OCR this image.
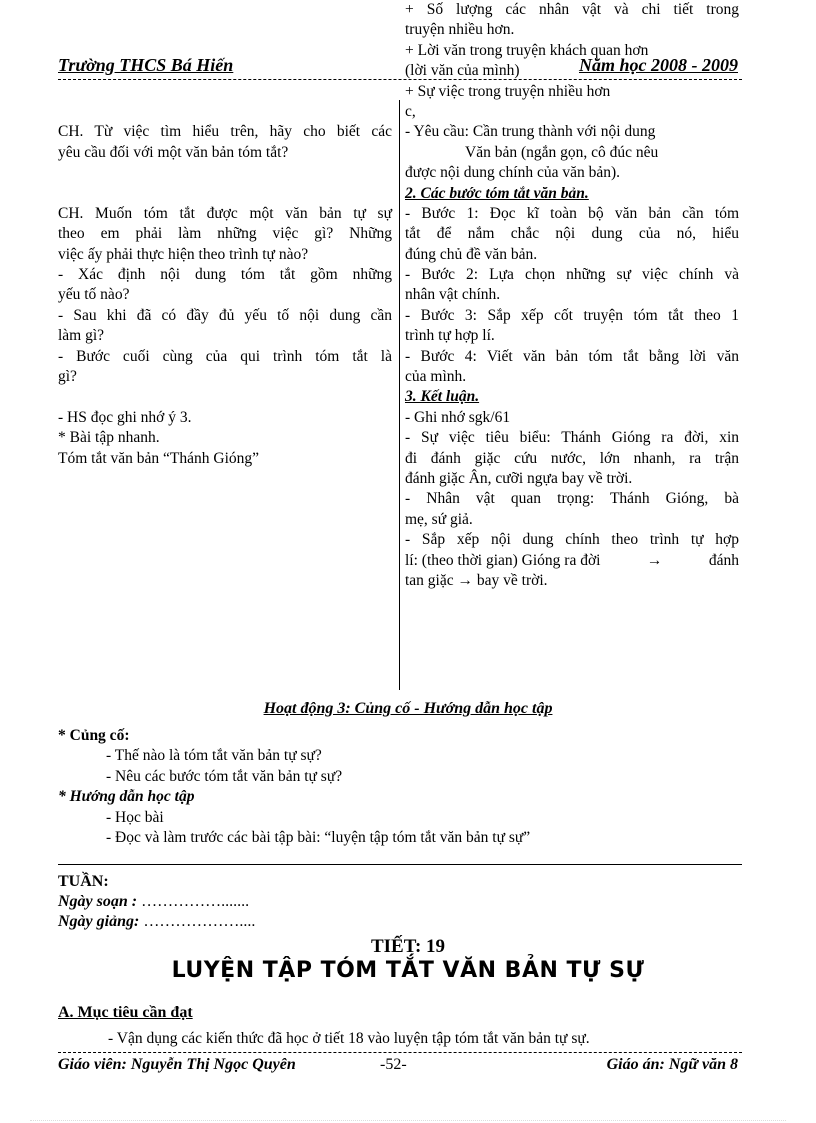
Trường THCS Bá Hiến	Năm học 2008 - 2009
CH. Từ việc tìm hiểu trên, hãy cho biết các
yêu cầu đối với một văn bản tóm tắt?
CH. Muốn tóm tắt được một văn bản tự sự
theo em phải làm những việc gì? Những
việc ấy phải thực hiện theo trình tự nào?
- Xác định nội dung tóm tắt gồm những
yếu tố nào?
- Sau khi đã có đầy đủ yếu tố nội dung cần
làm gì?
- Bước cuối cùng của qui trình tóm tắt là
gì?
- HS đọc ghi nhớ ý 3.
* Bài tập nhanh.
Tóm tắt văn bản “Thánh Gióng”
+ Số lượng các nhân vật và chi tiết trong
truyện nhiều hơn.
+ Lời văn trong truyện khách quan hơn
(lời văn của mình)
+ Sự việc trong truyện nhiều hơn
c,
- Yêu cầu: Cần trung thành với nội dung
Văn bản (ngắn gọn, cô đúc nêu
được nội dung chính của văn bản).
2. Các bước tóm tắt văn bản.
- Bước 1: Đọc kĩ toàn bộ văn bản cần tóm
tắt để nắm chắc nội dung của nó, hiểu
đúng chủ đề văn bản.
- Bước 2: Lựa chọn những sự việc chính và
nhân vật chính.
- Bước 3: Sắp xếp cốt truyện tóm tắt theo 1
trình tự hợp lí.
- Bước 4: Viết văn bản tóm tắt bằng lời văn
của mình.
3. Kết luận.
- Ghi nhớ sgk/61
- Sự việc tiêu biểu: Thánh Gióng ra đời, xin
đi đánh giặc cứu nước, lớn nhanh, ra trận
đánh giặc Ân, cưỡi ngựa bay về trời.
- Nhân vật quan trọng: Thánh Gióng, bà
mẹ, sứ giả.
- Sắp xếp nội dung chính theo trình tự hợp
lí: (theo thời gian) Gióng ra đời	→	đánh
tan giặc → bay về trời.
Hoạt động 3: Củng cố - Hướng dẫn học tập
* Củng cố:
- Thế nào là tóm tắt văn bản tự sự?
- Nêu các bước tóm tắt văn bản tự sự?
* Hướng dẫn học tập
- Học bài
- Đọc và làm trước các bài tập bài: “luyện tập tóm tắt văn bản tự sự”
TUẦN:
Ngày soạn : …………….......
Ngày giảng: ………………....
TIẾT: 19
LUYỆN TẬP TÓM TẮT VĂN BẢN TỰ SỰ
A. Mục tiêu cần đạt
- Vận dụng các kiến thức đã học ở tiết 18 vào luyện tập tóm tắt văn bản tự sự.
Giáo viên: Nguyễn Thị Ngọc Quyên	-52-	Giáo án: Ngữ văn 8
